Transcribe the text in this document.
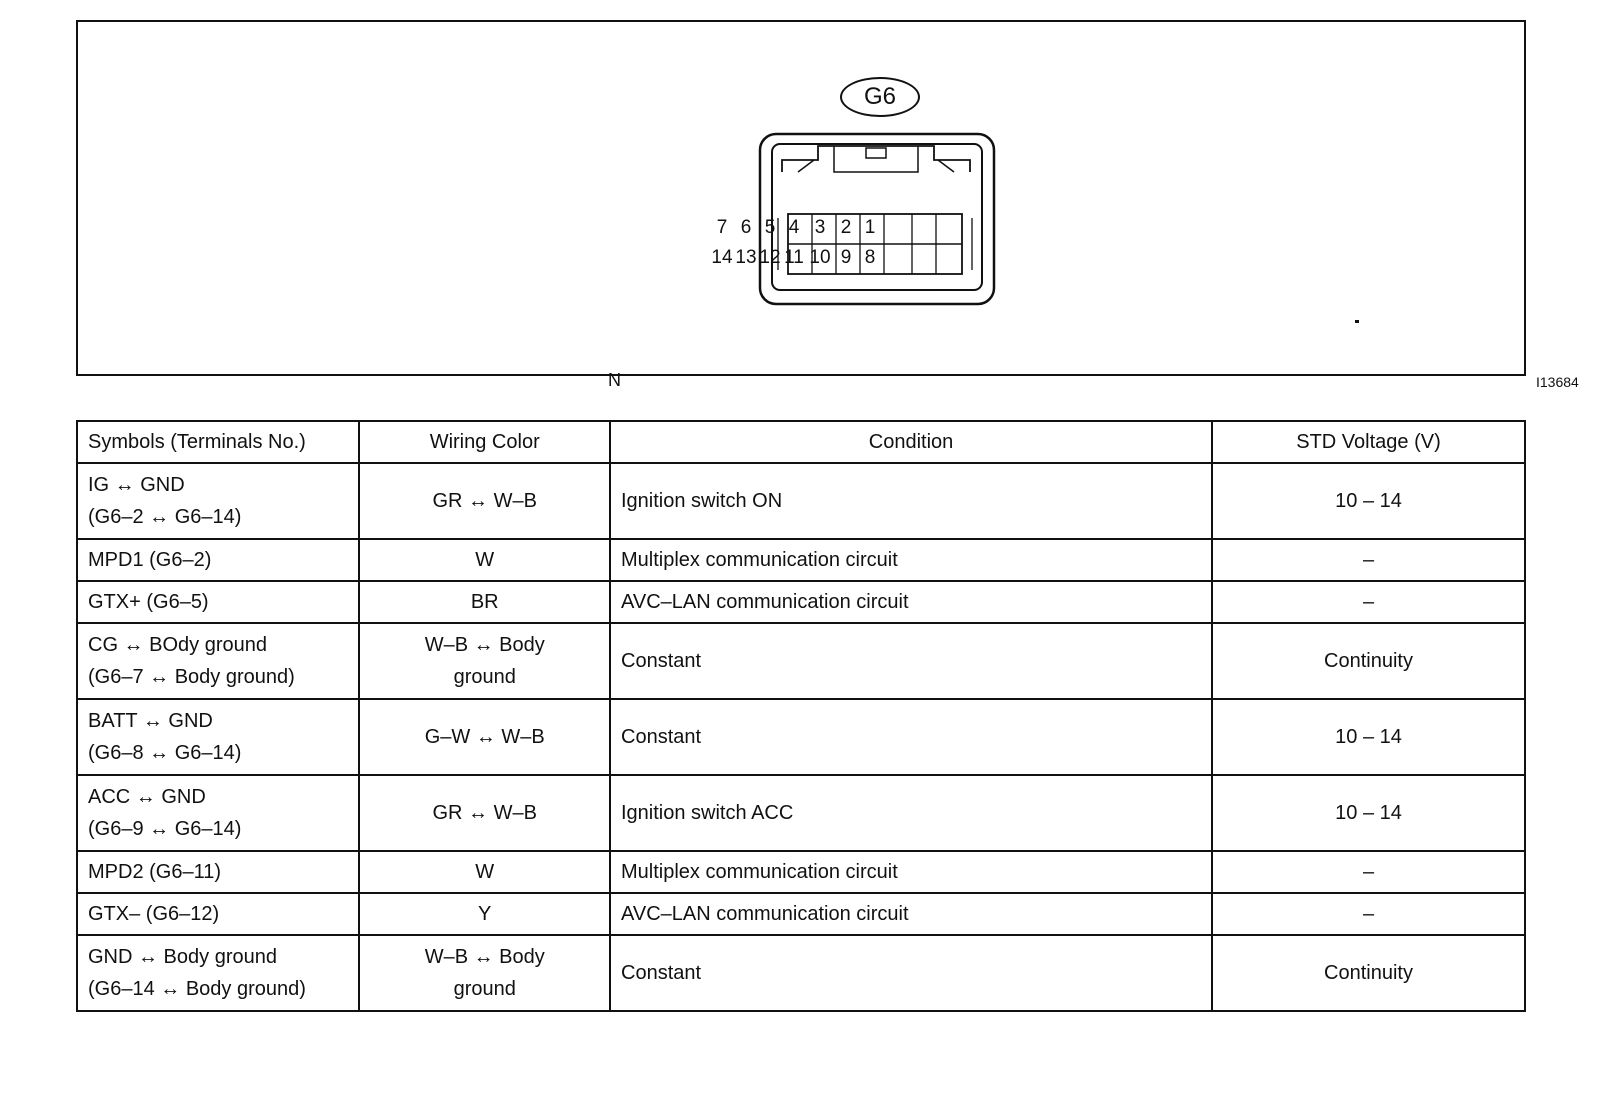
G6
7 6 5 4 3 2 1
14 13 12 11 10 9 8
N	I13684
Symbols (Terminals No.)	Wiring Color	Condition	STD Voltage (V)
IG ↔ GND
(G6–2 ↔ G6–14)	GR ↔ W–B	Ignition switch ON	10 – 14
MPD1 (G6–2)	W	Multiplex communication circuit	–
GTX+ (G6–5)	BR	AVC–LAN communication circuit	–
CG ↔ BOdy ground
(G6–7 ↔ Body ground)	W–B ↔ Body
ground	Constant	Continuity
BATT ↔ GND
(G6–8 ↔ G6–14)	G–W ↔ W–B	Constant	10 – 14
ACC ↔ GND
(G6–9 ↔ G6–14)	GR ↔ W–B	Ignition switch ACC	10 – 14
MPD2 (G6–11)	W	Multiplex communication circuit	–
GTX– (G6–12)	Y	AVC–LAN communication circuit	–
GND ↔ Body ground
(G6–14 ↔ Body ground)	W–B ↔ Body
ground	Constant	Continuity
